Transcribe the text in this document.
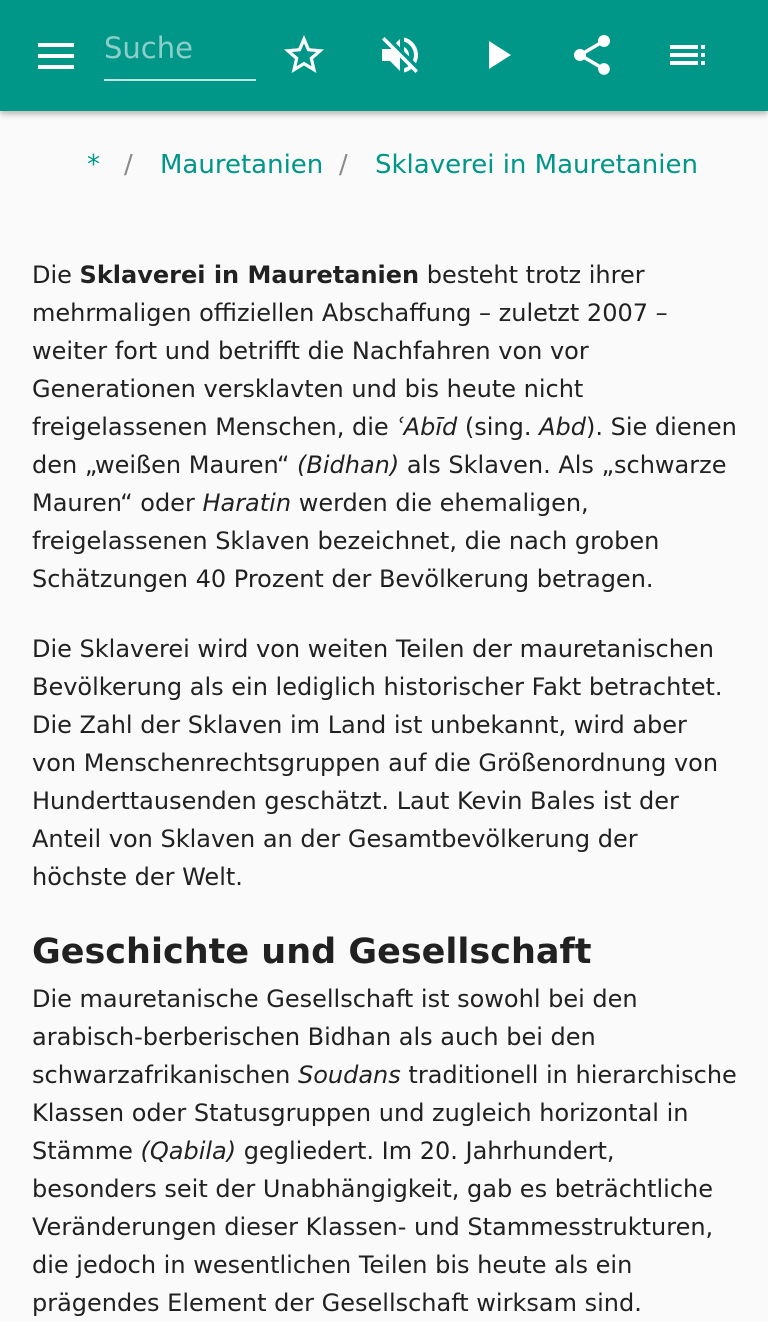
Suche
* / Mauretanien / Sklaverei in Mauretanien

Die Sklaverei in Mauretanien besteht trotz ihrer mehrmaligen offiziellen Abschaffung – zuletzt 2007 – weiter fort und betrifft die Nachfahren von vor Generationen versklavten und bis heute nicht freigelassenen Menschen, die ʿAbīd (sing. Abd). Sie dienen den „weißen Mauren“ (Bidhan) als Sklaven. Als „schwarze Mauren“ oder Haratin werden die ehemaligen, freigelassenen Sklaven bezeichnet, die nach groben Schätzungen 40 Prozent der Bevölkerung betragen.

Die Sklaverei wird von weiten Teilen der mauretanischen Bevölkerung als ein lediglich historischer Fakt betrachtet. Die Zahl der Sklaven im Land ist unbekannt, wird aber von Menschenrechtsgruppen auf die Größenordnung von Hunderttausenden geschätzt. Laut Kevin Bales ist der Anteil von Sklaven an der Gesamtbevölkerung der höchste der Welt.

Geschichte und Gesellschaft

Die mauretanische Gesellschaft ist sowohl bei den arabisch-berberischen Bidhan als auch bei den schwarzafrikanischen Soudans traditionell in hierarchische Klassen oder Statusgruppen und zugleich horizontal in Stämme (Qabila) gegliedert. Im 20. Jahrhundert, besonders seit der Unabhängigkeit, gab es beträchtliche Veränderungen dieser Klassen- und Stammesstrukturen, die jedoch in wesentlichen Teilen bis heute als ein prägendes Element der Gesellschaft wirksam sind.
